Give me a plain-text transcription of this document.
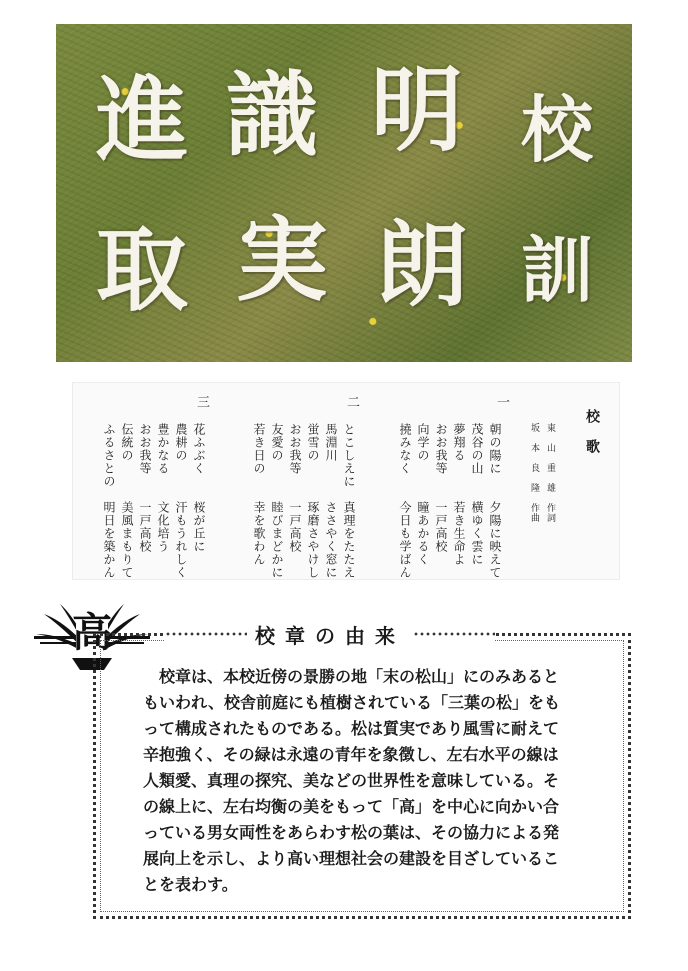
進 識 明 校
取 実 朗 訓
校　歌
東　山　重　雄　作詞
坂　本　良　隆　作曲
一
朝の陽に　　夕陽に映えて
茂谷の山　　横ゆく雲に
夢翔る　　　若き生命よ
おお我等　　一戸高校
向学の　　　瞳あかるく
撓みなく　　今日も学ばん
二
とこしえに　真理をたたえ
馬淵川　　　ささやく窓に
蛍雪の　　　琢磨さやけし
おお我等　　一戸高校
友愛の　　　睦びまどかに
若き日の　　幸を歌わん
三
花ふぶく　　桜が丘に
農耕の　　　汗もうれしく
豊かなる　　文化培う
おお我等　　一戸高校
伝統の　　　美風まもりて
ふるさとの　明日を築かん
高	校章の由来
校章は、本校近傍の景勝の地「末の松山」にのみあると
もいわれ、校舎前庭にも植樹されている「三葉の松」をも
って構成されたものである。松は質実であり風雪に耐えて
辛抱強く、その緑は永遠の青年を象徴し、左右水平の線は
人類愛、真理の探究、美などの世界性を意味している。そ
の線上に、左右均衡の美をもって「高」を中心に向かい合
っている男女両性をあらわす松の葉は、その協力による発
展向上を示し、より高い理想社会の建設を目ざしているこ
とを表わす。
